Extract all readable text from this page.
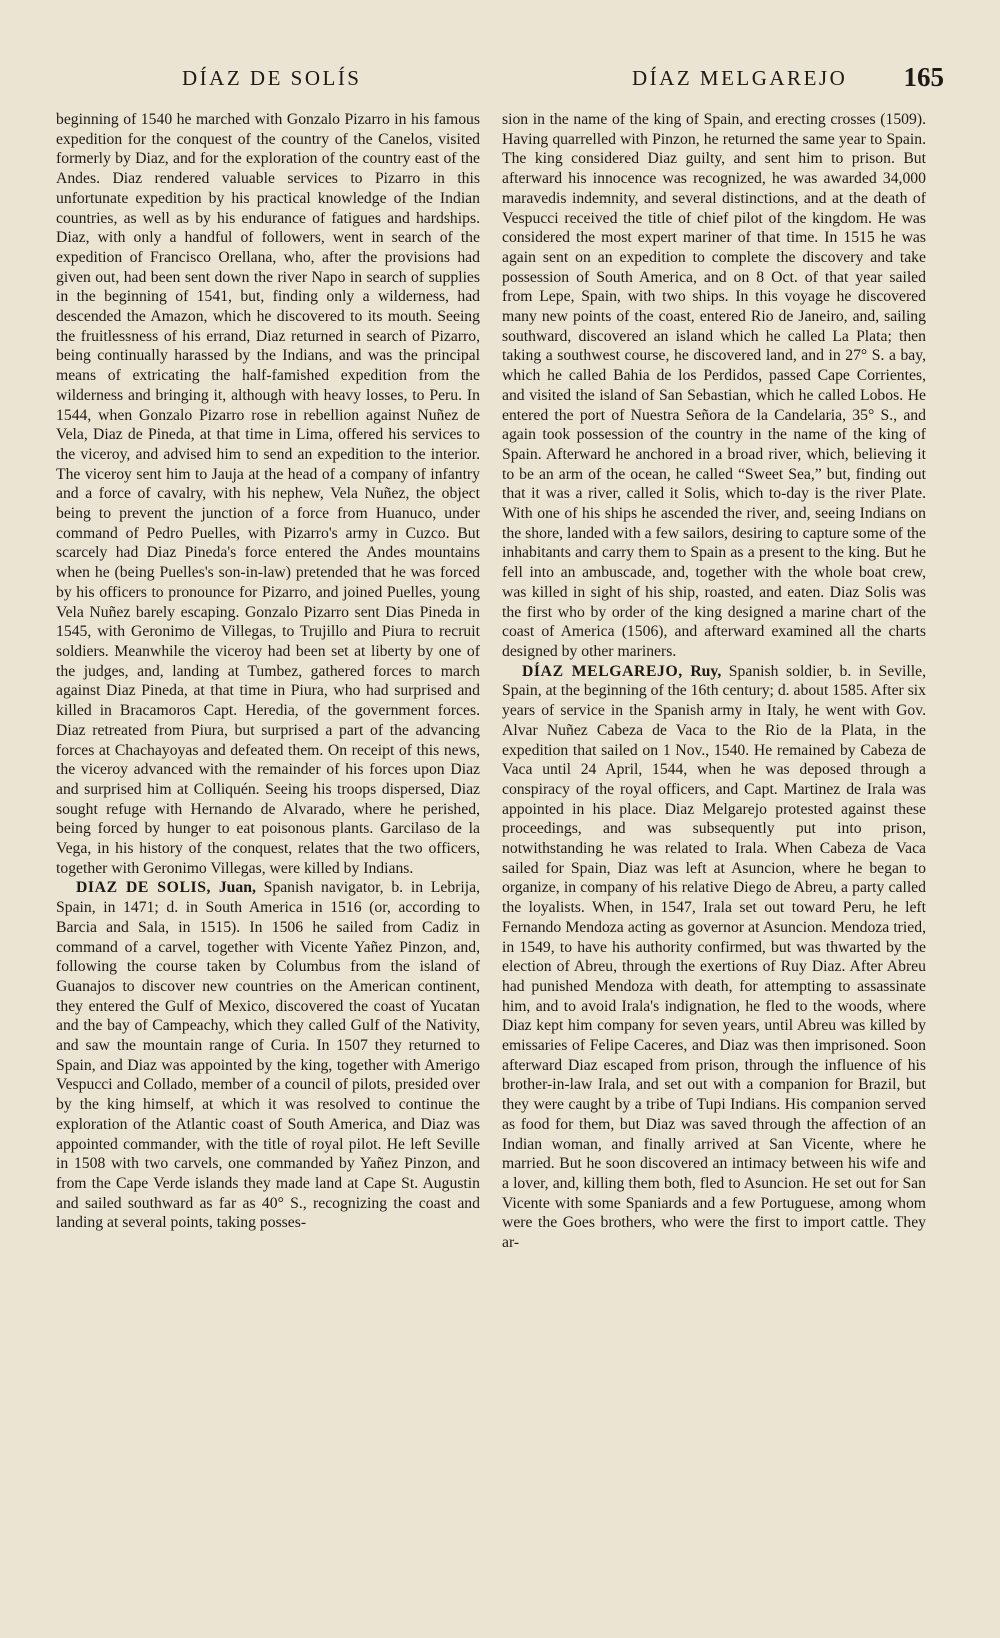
DÍAZ DE SOLÍS	DÍAZ MELGAREJO 165

beginning of 1540 he marched with Gonzalo Pizarro in his famous expedition for the conquest of the country of the Canelos, visited formerly by Diaz, and for the exploration of the country east of the Andes. Diaz rendered valuable services to Pizarro in this unfortunate expedition by his practical knowledge of the Indian countries, as well as by his endurance of fatigues and hardships. Diaz, with only a handful of followers, went in search of the expedition of Francisco Orellana, who, after the provisions had given out, had been sent down the river Napo in search of supplies in the beginning of 1541, but, finding only a wilderness, had descended the Amazon, which he discovered to its mouth. Seeing the fruitlessness of his errand, Diaz returned in search of Pizarro, being continually harassed by the Indians, and was the principal means of extricating the half-famished expedition from the wilderness and bringing it, although with heavy losses, to Peru. In 1544, when Gonzalo Pizarro rose in rebellion against Nuñez de Vela, Diaz de Pineda, at that time in Lima, offered his services to the viceroy, and advised him to send an expedition to the interior. The viceroy sent him to Jauja at the head of a company of infantry and a force of cavalry, with his nephew, Vela Nuñez, the object being to prevent the junction of a force from Huanuco, under command of Pedro Puelles, with Pizarro's army in Cuzco. But scarcely had Diaz Pineda's force entered the Andes mountains when he (being Puelles's son-in-law) pretended that he was forced by his officers to pronounce for Pizarro, and joined Puelles, young Vela Nuñez barely escaping. Gonzalo Pizarro sent Dias Pineda in 1545, with Geronimo de Villegas, to Trujillo and Piura to recruit soldiers. Meanwhile the viceroy had been set at liberty by one of the judges, and, landing at Tumbez, gathered forces to march against Diaz Pineda, at that time in Piura, who had surprised and killed in Bracamoros Capt. Heredia, of the government forces. Diaz retreated from Piura, but surprised a part of the advancing forces at Chachayoyas and defeated them. On receipt of this news, the viceroy advanced with the remainder of his forces upon Diaz and surprised him at Colliquén. Seeing his troops dispersed, Diaz sought refuge with Hernando de Alvarado, where he perished, being forced by hunger to eat poisonous plants. Garcilaso de la Vega, in his history of the conquest, relates that the two officers, together with Geronimo Villegas, were killed by Indians.

DIAZ DE SOLIS, Juan, Spanish navigator, b. in Lebrija, Spain, in 1471; d. in South America in 1516 (or, according to Barcia and Sala, in 1515). In 1506 he sailed from Cadiz in command of a carvel, together with Vicente Yañez Pinzon, and, following the course taken by Columbus from the island of Guanajos to discover new countries on the American continent, they entered the Gulf of Mexico, discovered the coast of Yucatan and the bay of Campeachy, which they called Gulf of the Nativity, and saw the mountain range of Curia. In 1507 they returned to Spain, and Diaz was appointed by the king, together with Amerigo Vespucci and Collado, member of a council of pilots, presided over by the king himself, at which it was resolved to continue the exploration of the Atlantic coast of South America, and Diaz was appointed commander, with the title of royal pilot. He left Seville in 1508 with two carvels, one commanded by Yañez Pinzon, and from the Cape Verde islands they made land at Cape St. Augustin and sailed southward as far as 40° S., recognizing the coast and landing at several points, taking posses-

sion in the name of the king of Spain, and erecting crosses (1509). Having quarrelled with Pinzon, he returned the same year to Spain. The king considered Diaz guilty, and sent him to prison. But afterward his innocence was recognized, he was awarded 34,000 maravedis indemnity, and several distinctions, and at the death of Vespucci received the title of chief pilot of the kingdom. He was considered the most expert mariner of that time. In 1515 he was again sent on an expedition to complete the discovery and take possession of South America, and on 8 Oct. of that year sailed from Lepe, Spain, with two ships. In this voyage he discovered many new points of the coast, entered Rio de Janeiro, and, sailing southward, discovered an island which he called La Plata; then taking a southwest course, he discovered land, and in 27° S. a bay, which he called Bahia de los Perdidos, passed Cape Corrientes, and visited the island of San Sebastian, which he called Lobos. He entered the port of Nuestra Señora de la Candelaria, 35° S., and again took possession of the country in the name of the king of Spain. Afterward he anchored in a broad river, which, believing it to be an arm of the ocean, he called “Sweet Sea,” but, finding out that it was a river, called it Solis, which to-day is the river Plate. With one of his ships he ascended the river, and, seeing Indians on the shore, landed with a few sailors, desiring to capture some of the inhabitants and carry them to Spain as a present to the king. But he fell into an ambuscade, and, together with the whole boat crew, was killed in sight of his ship, roasted, and eaten. Diaz Solis was the first who by order of the king designed a marine chart of the coast of America (1506), and afterward examined all the charts designed by other mariners.

DÍAZ MELGAREJO, Ruy, Spanish soldier, b. in Seville, Spain, at the beginning of the 16th century; d. about 1585. After six years of service in the Spanish army in Italy, he went with Gov. Alvar Nuñez Cabeza de Vaca to the Rio de la Plata, in the expedition that sailed on 1 Nov., 1540. He remained by Cabeza de Vaca until 24 April, 1544, when he was deposed through a conspiracy of the royal officers, and Capt. Martinez de Irala was appointed in his place. Diaz Melgarejo protested against these proceedings, and was subsequently put into prison, notwithstanding he was related to Irala. When Cabeza de Vaca sailed for Spain, Diaz was left at Asuncion, where he began to organize, in company of his relative Diego de Abreu, a party called the loyalists. When, in 1547, Irala set out toward Peru, he left Fernando Mendoza acting as governor at Asuncion. Mendoza tried, in 1549, to have his authority confirmed, but was thwarted by the election of Abreu, through the exertions of Ruy Diaz. After Abreu had punished Mendoza with death, for attempting to assassinate him, and to avoid Irala's indignation, he fled to the woods, where Diaz kept him company for seven years, until Abreu was killed by emissaries of Felipe Caceres, and Diaz was then imprisoned. Soon afterward Diaz escaped from prison, through the influence of his brother-in-law Irala, and set out with a companion for Brazil, but they were caught by a tribe of Tupi Indians. His companion served as food for them, but Diaz was saved through the affection of an Indian woman, and finally arrived at San Vicente, where he married. But he soon discovered an intimacy between his wife and a lover, and, killing them both, fled to Asuncion. He set out for San Vicente with some Spaniards and a few Portuguese, among whom were the Goes brothers, who were the first to import cattle. They ar-
